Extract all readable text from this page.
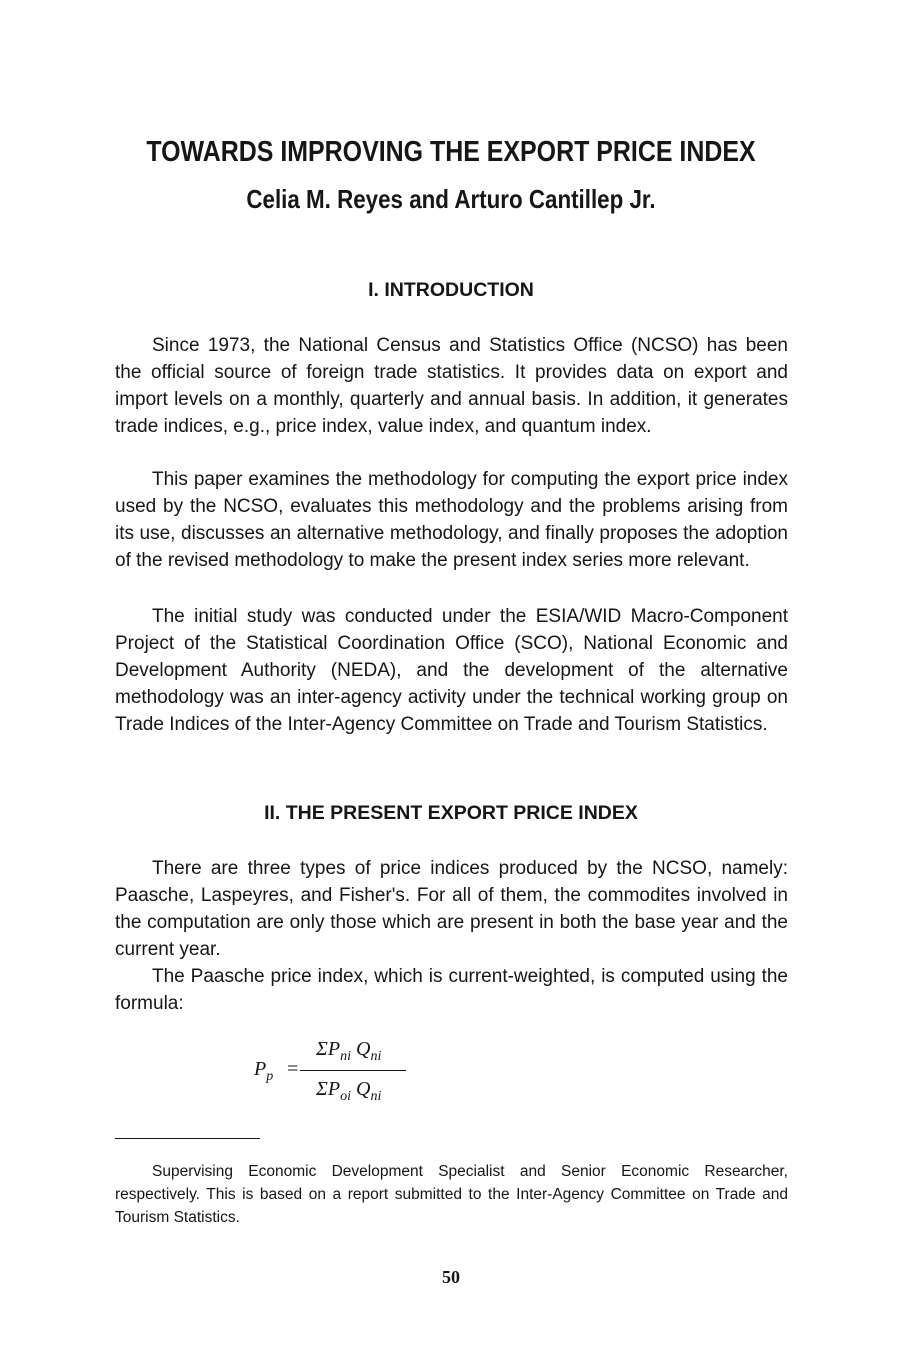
TOWARDS IMPROVING THE EXPORT PRICE INDEX
Celia M. Reyes and Arturo Cantillep Jr.
I. INTRODUCTION

Since 1973, the National Census and Statistics Office (NCSO) has been the official source of foreign trade statistics. It provides data on export and import levels on a monthly, quarterly and annual basis. In addition, it generates trade indices, e.g., price index, value index, and quantum index.

This paper examines the methodology for computing the export price index used by the NCSO, evaluates this methodology and the problems arising from its use, discusses an alternative methodology, and finally proposes the adoption of the revised methodology to make the present index series more relevant.

The initial study was conducted under the ESIA/WID Macro-Component Project of the Statistical Coordination Office (SCO), National Economic and Development Authority (NEDA), and the development of the alternative methodology was an inter-agency activity under the technical working group on Trade Indices of the Inter-Agency Committee on Trade and Tourism Statistics.

II. THE PRESENT EXPORT PRICE INDEX

There are three types of price indices produced by the NCSO, namely: Paasche, Laspeyres, and Fisher's. For all of them, the commodites involved in the computation are only those which are present in both the base year and the current year.

The Paasche price index, which is current-weighted, is computed using the formula:

$P_p$ =
$\Sigma P_{ni}$ $Q_{ni}$
$\Sigma P_{oi}$ $Q_{ni}$

Supervising Economic Development Specialist and Senior Economic Researcher, respectively. This is based on a report submitted to the Inter-Agency Committee on Trade and Tourism Statistics.

50
